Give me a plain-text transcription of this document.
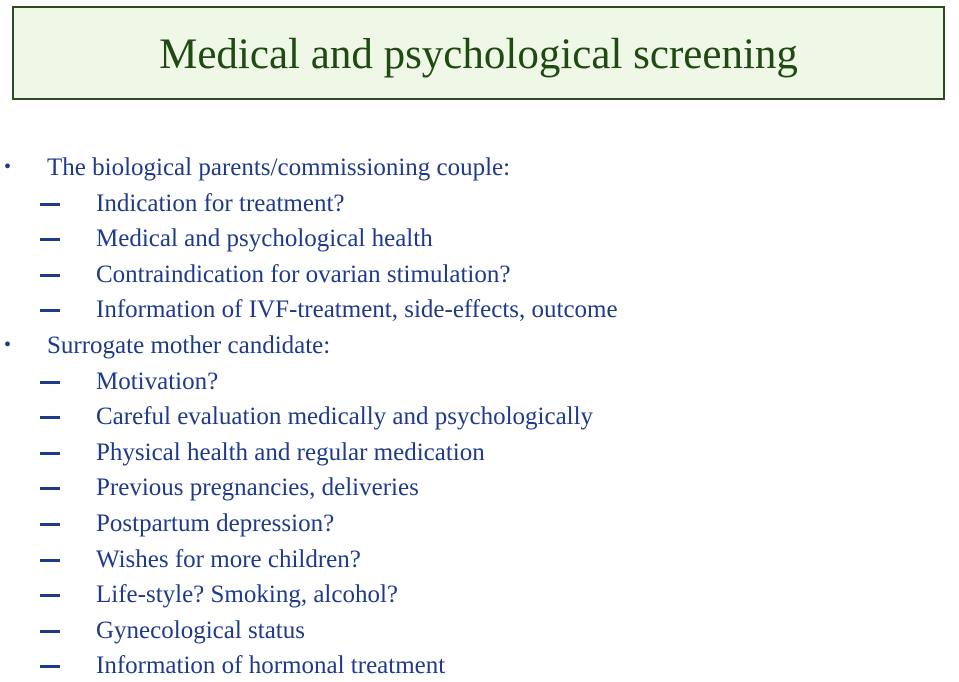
Medical and psychological screening
• The biological parents/commissioning couple:
Indication for treatment?
Medical and psychological health
Contraindication for ovarian stimulation?
Information of IVF-treatment, side-effects, outcome
• Surrogate mother candidate:
Motivation?
Careful evaluation medically and psychologically
Physical health and regular medication
Previous pregnancies, deliveries
Postpartum depression?
Wishes for more children?
Life-style? Smoking, alcohol?
Gynecological status
Information of hormonal treatment
